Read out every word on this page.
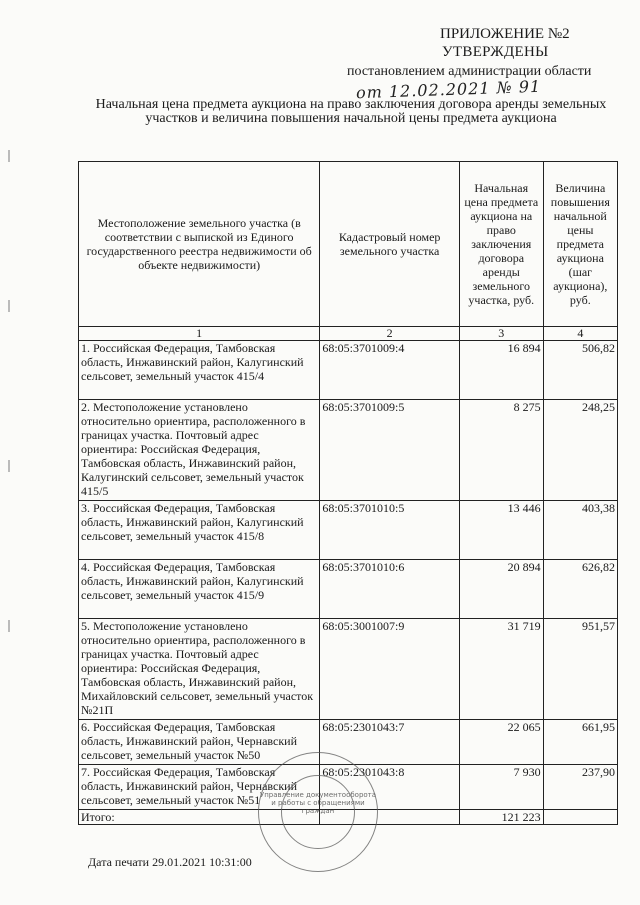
ПРИЛОЖЕНИЕ №2
УТВЕРЖДЕНЫ
постановлением администрации области
от 12.02.2021 № 91
Начальная цена предмета аукциона на право заключения договора аренды земельных участков и величина повышения начальной цены предмета аукциона
Местоположение земельного участка (в соответствии с выпиской из Единого государственного реестра недвижимости об объекте недвижимости)	Кадастровый номер земельного участка	Начальная цена предмета аукциона на право заключения договора аренды земельного участка, руб.	Величина повышения начальной цены предмета аукциона (шаг аукциона), руб.
1	2	3	4
1. Российская Федерация, Тамбовская область, Инжавинский район, Калугинский сельсовет, земельный участок 415/4	68:05:3701009:4	16 894	506,82
2. Местоположение установлено относительно ориентира, расположенного в границах участка. Почтовый адрес ориентира: Российская Федерация, Тамбовская область, Инжавинский район, Калугинский сельсовет, земельный участок 415/5	68:05:3701009:5	8 275	248,25
3. Российская Федерация, Тамбовская область, Инжавинский район, Калугинский сельсовет, земельный участок 415/8	68:05:3701010:5	13 446	403,38
4. Российская Федерация, Тамбовская область, Инжавинский район, Калугинский сельсовет, земельный участок 415/9	68:05:3701010:6	20 894	626,82
5. Местоположение установлено относительно ориентира, расположенного в границах участка. Почтовый адрес ориентира: Российская Федерация, Тамбовская область, Инжавинский район, Михайловский сельсовет, земельный участок №21П	68:05:3001007:9	31 719	951,57
6. Российская Федерация, Тамбовская область, Инжавинский район, Чернавский сельсовет, земельный участок №50	68:05:2301043:7	22 065	661,95
7. Российская Федерация, Тамбовская область, Инжавинский район, Чернавский сельсовет, земельный участок №51	68:05:2301043:8	7 930	237,90
Итого:		121 223	
Дата печати 29.01.2021 10:31:00
Управление документооборота и работы с обращениями граждан
